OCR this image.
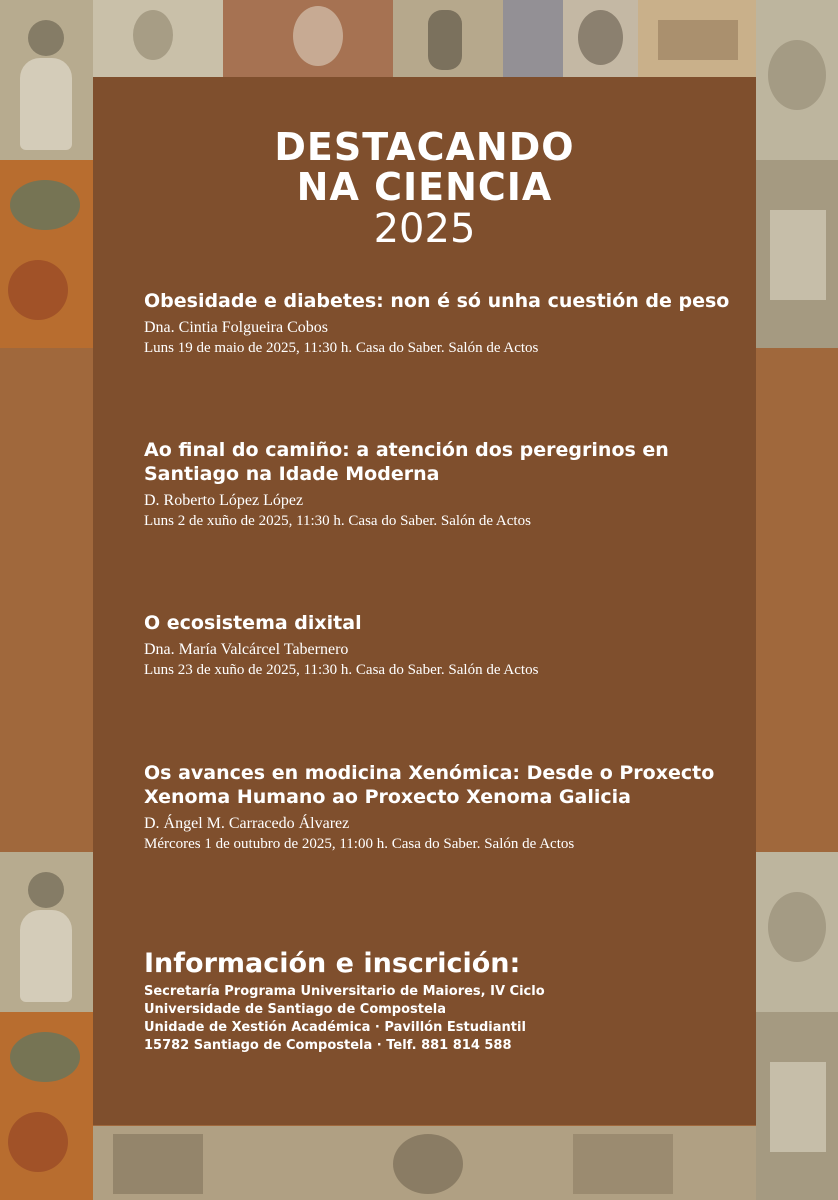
DESTACANDO
NA CIENCIA
2025
Obesidade e diabetes: non é só unha cuestión de peso
Dna. Cintia Folgueira Cobos
Luns 19 de maio de 2025, 11:30 h. Casa do Saber. Salón de Actos
Ao final do camiño: a atención dos peregrinos en Santiago na Idade Moderna
D. Roberto López López
Luns 2 de xuño de 2025, 11:30 h. Casa do Saber. Salón de Actos
O ecosistema dixital
Dna. María Valcárcel Tabernero
Luns 23 de xuño de 2025, 11:30 h. Casa do Saber. Salón de Actos
Os avances en modicina Xenómica: Desde o Proxecto Xenoma Humano ao Proxecto Xenoma Galicia
D. Ángel M. Carracedo Álvarez
Mércores 1 de outubro de 2025, 11:00 h. Casa do Saber. Salón de Actos
Información e inscrición:
Secretaría Programa Universitario de Maiores, IV Ciclo
Universidade de Santiago de Compostela
Unidade de Xestión Académica · Pavillón Estudiantil
15782 Santiago de Compostela · Telf. 881 814 588
